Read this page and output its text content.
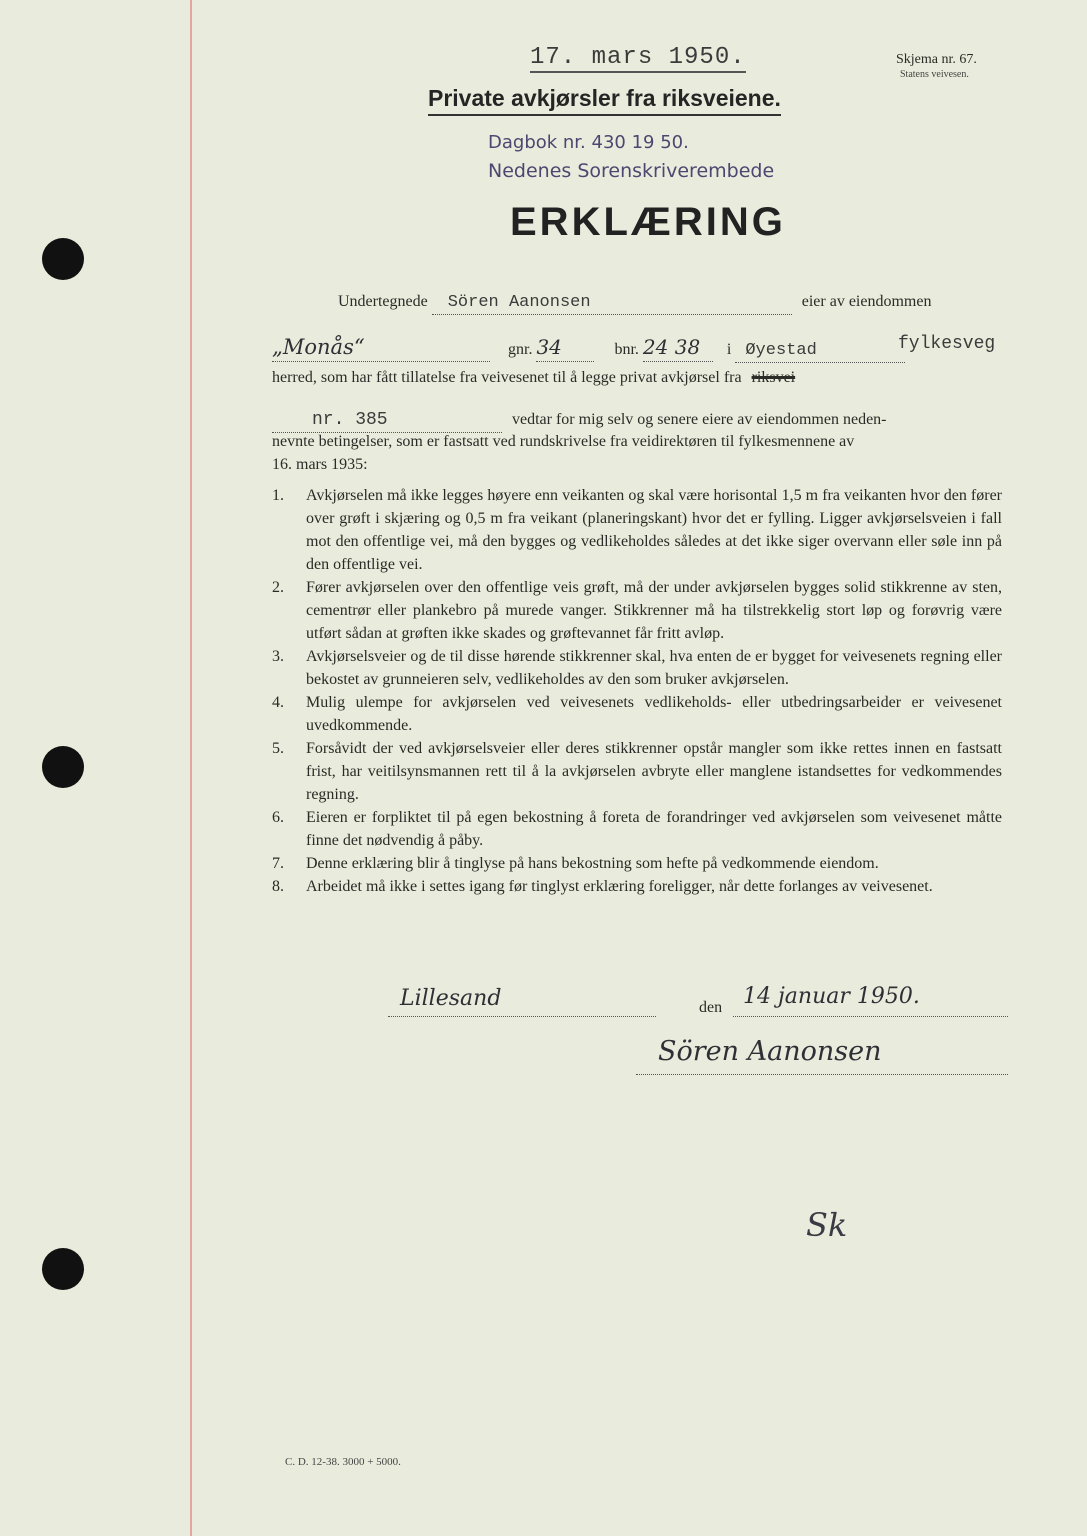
17. mars 1950.	Skjema nr. 67.
Statens veivesen.
Private avkjørsler fra riksveiene.
Dagbok nr. 430 19 50.
Nedenes Sorenskriverembede
ERKLÆRING
Undertegnede Sören Aanonsen	eier av eiendommen
„Monås“	gnr. 34	bnr. 24 38 i Øyestad	fylkesveg
herred, som har fått tillatelse fra veivesenet til å legge privat avkjørsel fra riksvei
nr. 385	vedtar for mig selv og senere eiere av eiendommen neden-
nevnte betingelser, som er fastsatt ved rundskrivelse fra veidirektøren til fylkesmennene av
16. mars 1935:
1. Avkjørselen må ikke legges høyere enn veikanten og skal være horisontal 1,5 m fra veikanten hvor den fører over grøft i skjæring og 0,5 m fra veikant (planeringskant) hvor det er fylling. Ligger avkjørselsveien i fall mot den offentlige vei, må den bygges og vedlikeholdes således at det ikke siger overvann eller søle inn på den offentlige vei.
2. Fører avkjørselen over den offentlige veis grøft, må der under avkjørselen bygges solid stikkrenne av sten, cementrør eller plankebro på murede vanger. Stikkrenner må ha tilstrekkelig stort løp og forøvrig være utført sådan at grøften ikke skades og grøftevannet får fritt avløp.
3. Avkjørselsveier og de til disse hørende stikkrenner skal, hva enten de er bygget for veivesenets regning eller bekostet av grunneieren selv, vedlikeholdes av den som bruker avkjørselen.
4. Mulig ulempe for avkjørselen ved veivesenets vedlikeholds- eller utbedringsarbeider er veivesenet uvedkommende.
5. Forsåvidt der ved avkjørselsveier eller deres stikkrenner opstår mangler som ikke rettes innen en fastsatt frist, har veitilsynsmannen rett til å la avkjørselen avbryte eller manglene istandsettes for vedkommendes regning.
6. Eieren er forpliktet til på egen bekostning å foreta de forandringer ved avkjørselen som veivesenet måtte finne det nødvendig å påby.
7. Denne erklæring blir å tinglyse på hans bekostning som hefte på vedkommende eiendom.
8. Arbeidet må ikke i settes igang før tinglyst erklæring foreligger, når dette forlanges av veivesenet.
Lillesand	den 14 januar 1950.
Sören Aanonsen
Sk
C. D. 12-38. 3000 + 5000.
